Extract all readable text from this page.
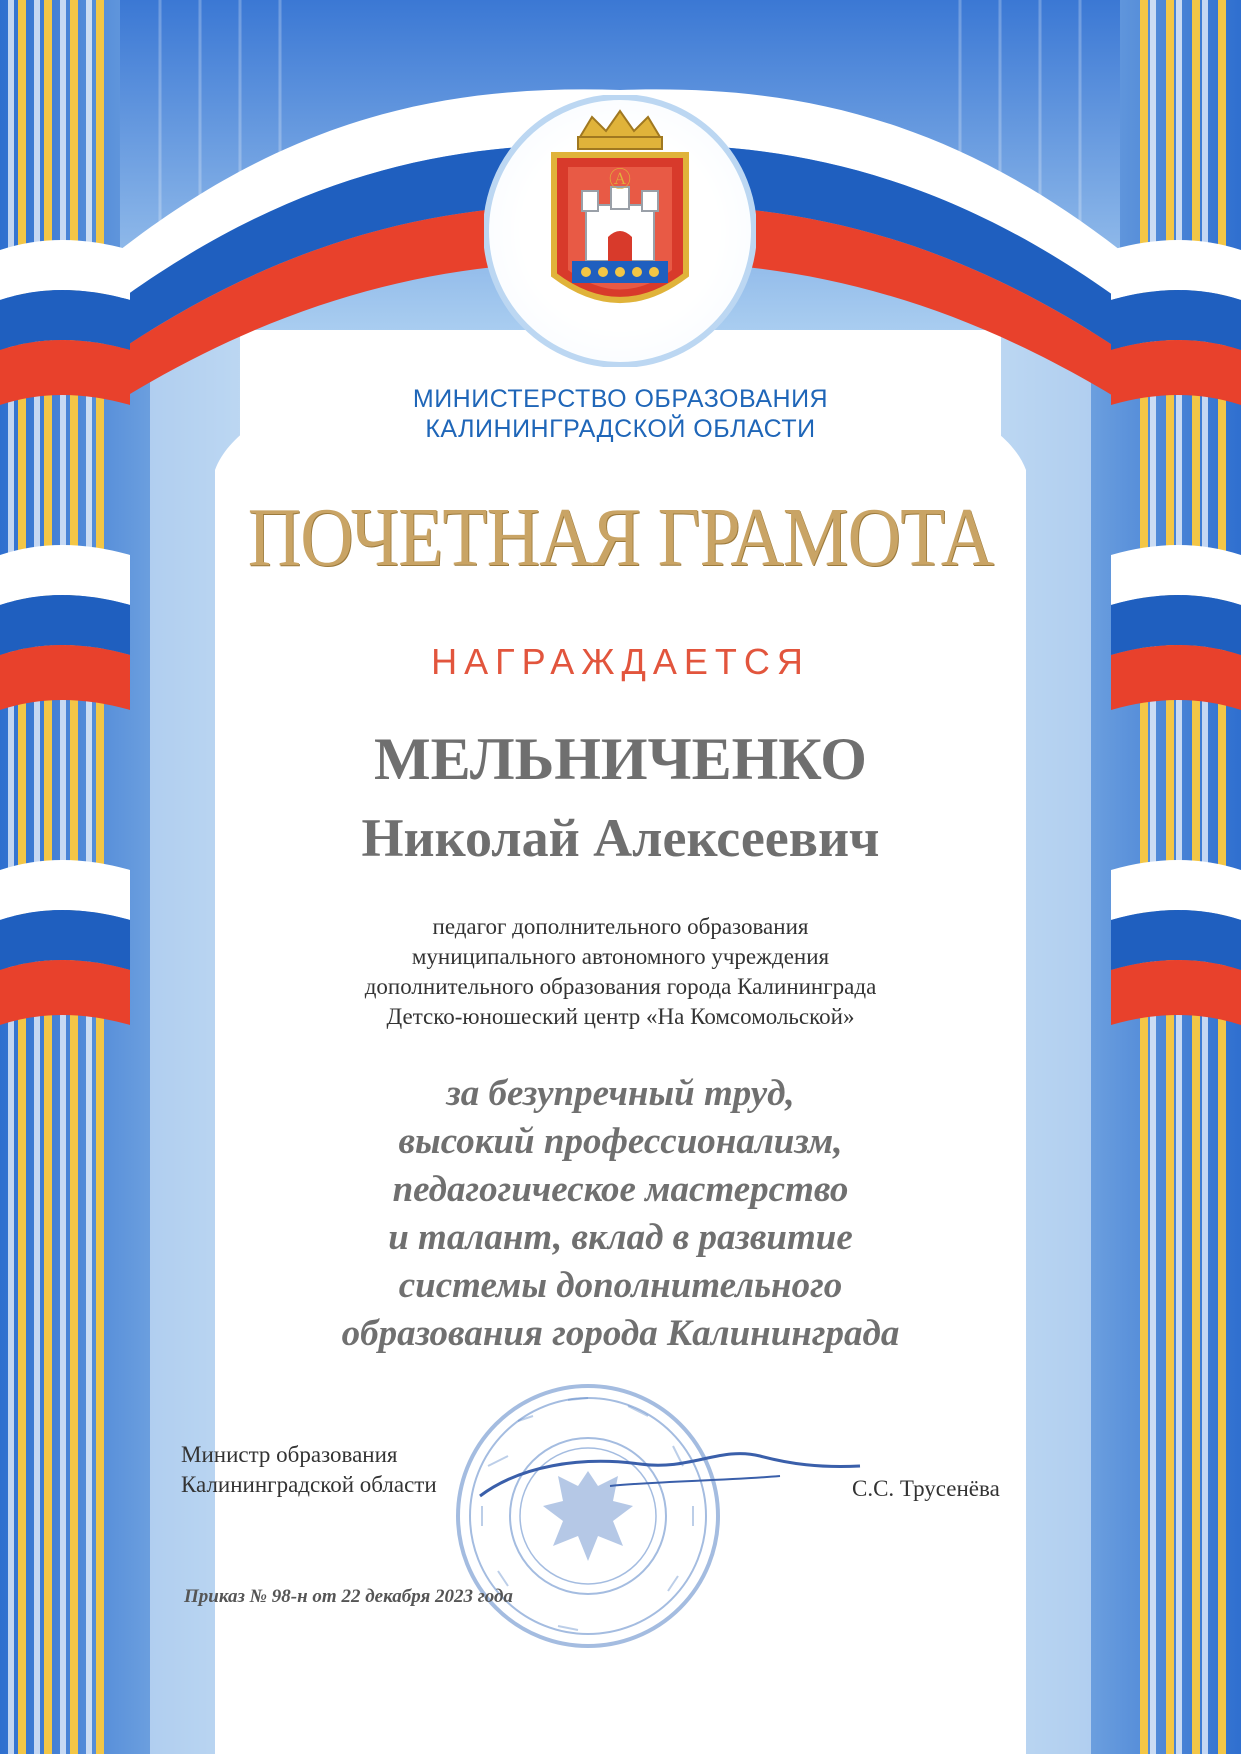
Ⓐ

МИНИСТЕРСТВО ОБРАЗОВАНИЯ
КАЛИНИНГРАДСКОЙ ОБЛАСТИ

ПОЧЕТНАЯ ГРАМОТА

НАГРАЖДАЕТСЯ

МЕЛЬНИЧЕНКО

Николай Алексеевич

педагог дополнительного образования
муниципального автономного учреждения
дополнительного образования города Калининграда
Детско-юношеский центр «На Комсомольской»

за безупречный труд,
высокий профессионализм,
педагогическое мастерство
и талант, вклад в развитие
системы дополнительного
образования города Калининграда

Министр образования
Калининградской области	С.С. Трусенёва
Приказ № 98-н от 22 декабря 2023 года
